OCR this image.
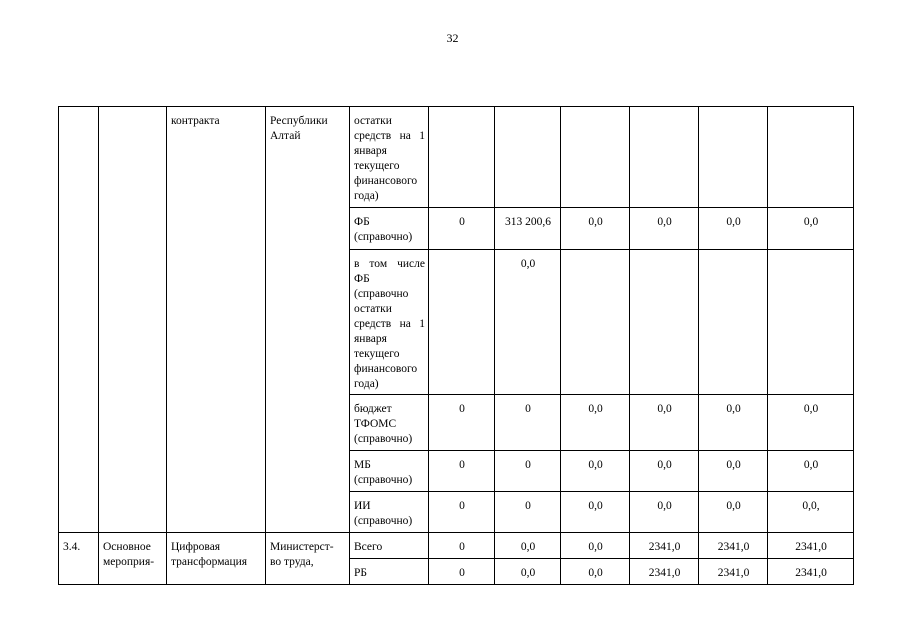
32
		контракта	Республики Алтай	остатки средств на 1 января текущего финансового года)						
				ФБ (справочно)	0	313 200,6	0,0	0,0	0,0	0,0
				в том числе ФБ (справочно остатки средств на 1 января текущего финансового года)		0,0				
				бюджет ТФОМС (справочно)	0	0	0,0	0,0	0,0	0,0
				МБ (справочно)	0	0	0,0	0,0	0,0	0,0
				ИИ (справочно)	0	0	0,0	0,0	0,0	0,0,
3.4.	Основное мероприя-	Цифровая трансформация	Министерст- во труда,	Всего	0	0,0	0,0	2341,0	2341,0	2341,0
				РБ	0	0,0	0,0	2341,0	2341,0	2341,0
